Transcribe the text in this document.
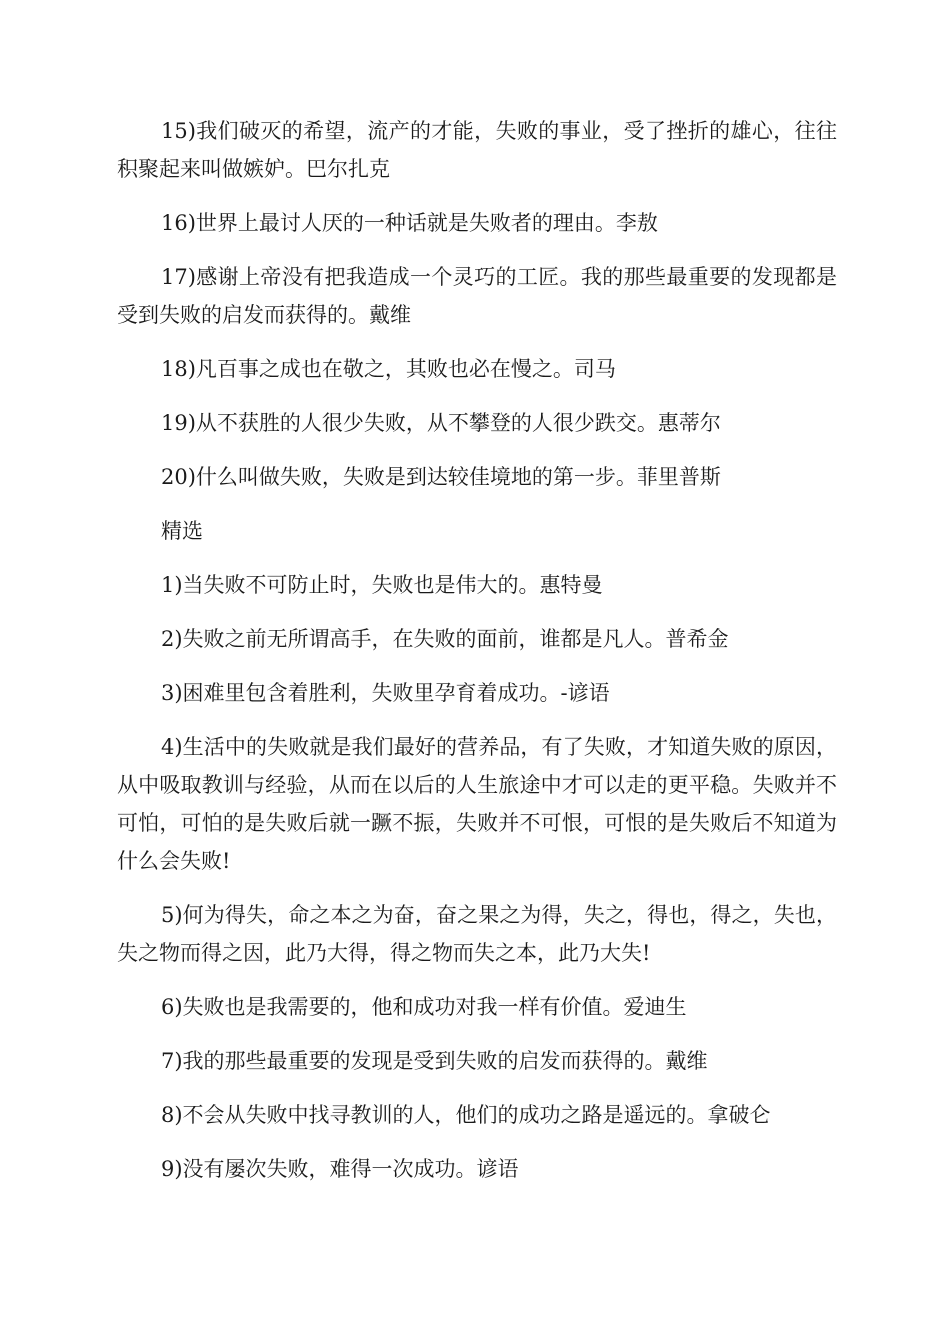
15)我们破灭的希望，流产的才能，失败的事业，受了挫折的雄心，往往积聚起来叫做嫉妒。巴尔扎克

16)世界上最讨人厌的一种话就是失败者的理由。李敖

17)感谢上帝没有把我造成一个灵巧的工匠。我的那些最重要的发现都是受到失败的启发而获得的。戴维

18)凡百事之成也在敬之，其败也必在慢之。司马

19)从不获胜的人很少失败，从不攀登的人很少跌交。惠蒂尔

20)什么叫做失败，失败是到达较佳境地的第一步。菲里普斯

精选

1)当失败不可防止时，失败也是伟大的。惠特曼

2)失败之前无所谓高手，在失败的面前，谁都是凡人。普希金

3)困难里包含着胜利，失败里孕育着成功。-谚语

4)生活中的失败就是我们最好的营养品，有了失败，才知道失败的原因，从中吸取教训与经验，从而在以后的人生旅途中才可以走的更平稳。失败并不可怕，可怕的是失败后就一蹶不振，失败并不可恨，可恨的是失败后不知道为什么会失败!

5)何为得失，命之本之为奋，奋之果之为得，失之，得也，得之，失也，失之物而得之因，此乃大得，得之物而失之本，此乃大失!

6)失败也是我需要的，他和成功对我一样有价值。爱迪生

7)我的那些最重要的发现是受到失败的启发而获得的。戴维

8)不会从失败中找寻教训的人，他们的成功之路是遥远的。拿破仑

9)没有屡次失败，难得一次成功。谚语
